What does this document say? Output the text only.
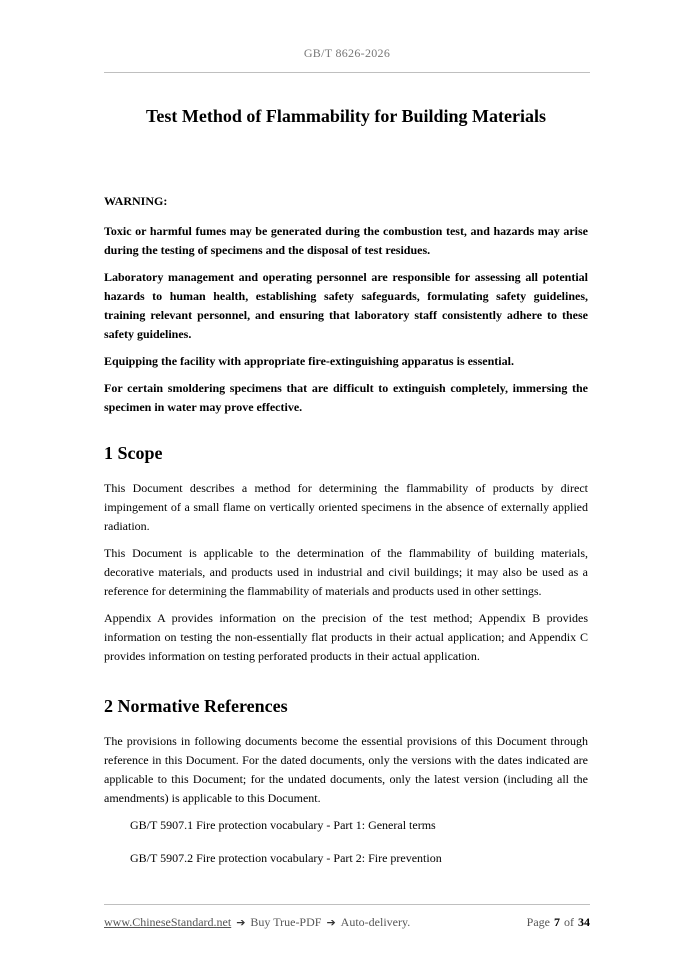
GB/T 8626-2026
Test Method of Flammability for Building Materials
WARNING:

Toxic or harmful fumes may be generated during the combustion test, and hazards may arise during the testing of specimens and the disposal of test residues.

Laboratory management and operating personnel are responsible for assessing all potential hazards to human health, establishing safety safeguards, formulating safety guidelines, training relevant personnel, and ensuring that laboratory staff consistently adhere to these safety guidelines.

Equipping the facility with appropriate fire-extinguishing apparatus is essential.

For certain smoldering specimens that are difficult to extinguish completely, immersing the specimen in water may prove effective.

1 Scope

This Document describes a method for determining the flammability of products by direct impingement of a small flame on vertically oriented specimens in the absence of externally applied radiation.

This Document is applicable to the determination of the flammability of building materials, decorative materials, and products used in industrial and civil buildings; it may also be used as a reference for determining the flammability of materials and products used in other settings.

Appendix A provides information on the precision of the test method; Appendix B provides information on testing the non-essentially flat products in their actual application; and Appendix C provides information on testing perforated products in their actual application.

2 Normative References

The provisions in following documents become the essential provisions of this Document through reference in this Document. For the dated documents, only the versions with the dates indicated are applicable to this Document; for the undated documents, only the latest version (including all the amendments) is applicable to this Document.

GB/T 5907.1 Fire protection vocabulary - Part 1: General terms
GB/T 5907.2 Fire protection vocabulary - Part 2: Fire prevention
www.ChineseStandard.net ➔ Buy True-PDF ➔ Auto-delivery.	Page 7 of 34
